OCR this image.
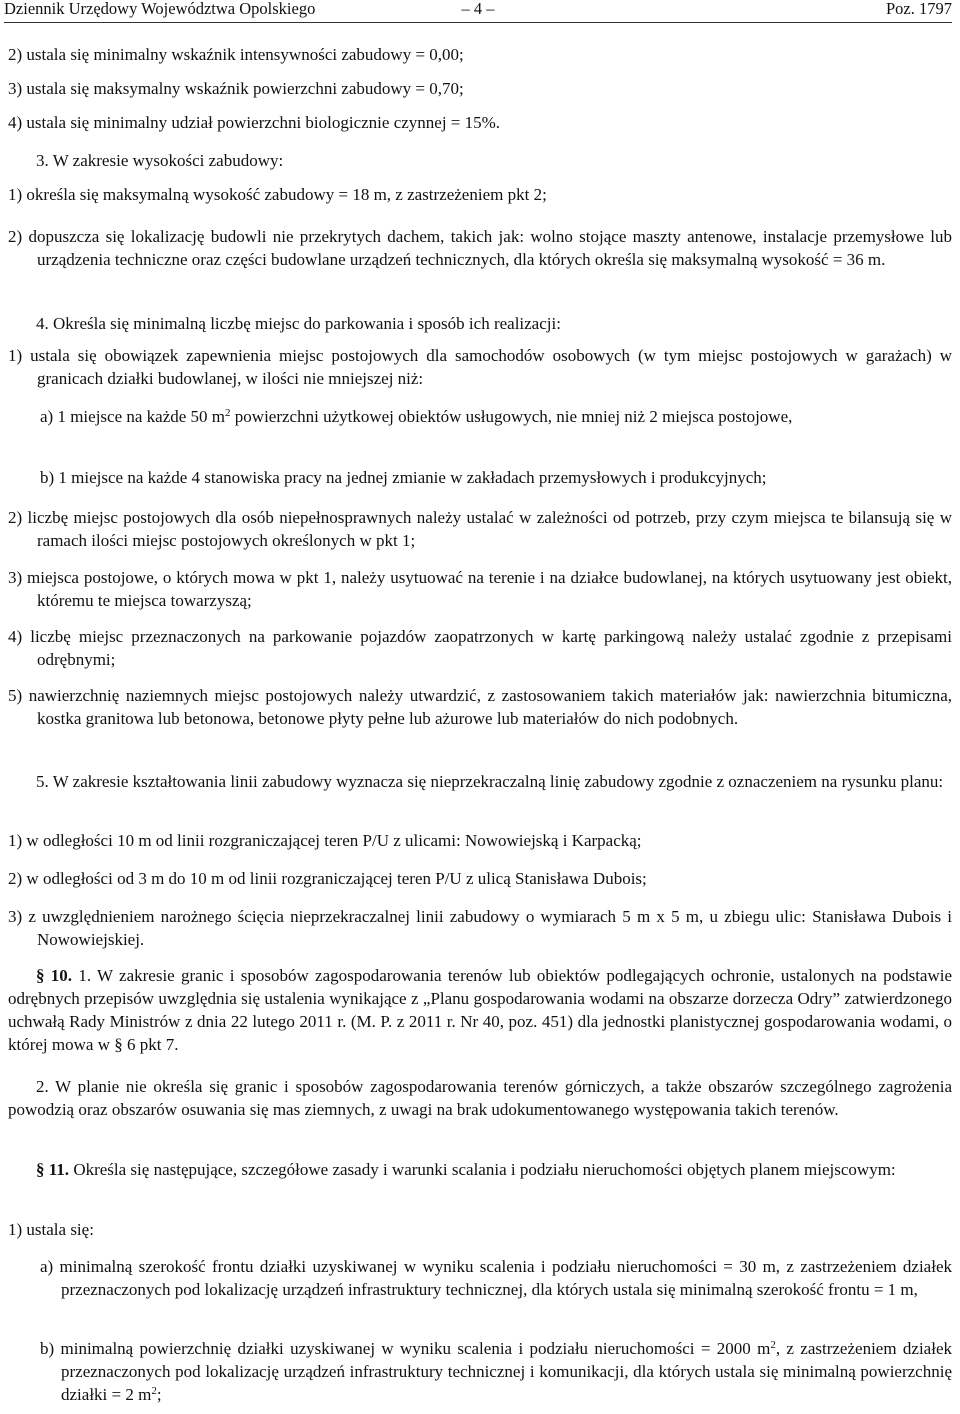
Dziennik Urzędowy Województwa Opolskiego	– 4 –	Poz. 1797
2) ustala się minimalny wskaźnik intensywności zabudowy = 0,00;
3) ustala się maksymalny wskaźnik powierzchni zabudowy = 0,70;
4) ustala się minimalny udział powierzchni biologicznie czynnej = 15%.
3. W zakresie wysokości zabudowy:
1) określa się maksymalną wysokość zabudowy = 18 m, z zastrzeżeniem pkt 2;
2) dopuszcza się lokalizację budowli nie przekrytych dachem, takich jak: wolno stojące maszty antenowe, instalacje przemysłowe lub urządzenia techniczne oraz części budowlane urządzeń technicznych, dla których określa się maksymalną wysokość = 36 m.
4. Określa się minimalną liczbę miejsc do parkowania i sposób ich realizacji:
1) ustala się obowiązek zapewnienia miejsc postojowych dla samochodów osobowych (w tym miejsc postojowych w garażach) w granicach działki budowlanej, w ilości nie mniejszej niż:
a) 1 miejsce na każde 50 $m^2$ powierzchni użytkowej obiektów usługowych, nie mniej niż 2 miejsca postojowe,
b) 1 miejsce na każde 4 stanowiska pracy na jednej zmianie w zakładach przemysłowych i produkcyjnych;
2) liczbę miejsc postojowych dla osób niepełnosprawnych należy ustalać w zależności od potrzeb, przy czym miejsca te bilansują się w ramach ilości miejsc postojowych określonych w pkt 1;
3) miejsca postojowe, o których mowa w pkt 1, należy usytuować na terenie i na działce budowlanej, na których usytuowany jest obiekt, któremu te miejsca towarzyszą;
4) liczbę miejsc przeznaczonych na parkowanie pojazdów zaopatrzonych w kartę parkingową należy ustalać zgodnie z przepisami odrębnymi;
5) nawierzchnię naziemnych miejsc postojowych należy utwardzić, z zastosowaniem takich materiałów jak: nawierzchnia bitumiczna, kostka granitowa lub betonowa, betonowe płyty pełne lub ażurowe lub materiałów do nich podobnych.
5. W zakresie kształtowania linii zabudowy wyznacza się nieprzekraczalną linię zabudowy zgodnie z oznaczeniem na rysunku planu:
1) w odległości 10 m od linii rozgraniczającej teren P/U z ulicami: Nowowiejską i Karpacką;
2) w odległości od 3 m do 10 m od linii rozgraniczającej teren P/U z ulicą Stanisława Dubois;
3) z uwzględnieniem narożnego ścięcia nieprzekraczalnej linii zabudowy o wymiarach 5 m x 5 m, u zbiegu ulic: Stanisława Dubois i Nowowiejskiej.
§ 10. 1. W zakresie granic i sposobów zagospodarowania terenów lub obiektów podlegających ochronie, ustalonych na podstawie odrębnych przepisów uwzględnia się ustalenia wynikające z „Planu gospodarowania wodami na obszarze dorzecza Odry” zatwierdzonego uchwałą Rady Ministrów z dnia 22 lutego 2011 r. (M. P. z 2011 r. Nr 40, poz. 451) dla jednostki planistycznej gospodarowania wodami, o której mowa w § 6 pkt 7.
2. W planie nie określa się granic i sposobów zagospodarowania terenów górniczych, a także obszarów szczególnego zagrożenia powodzią oraz obszarów osuwania się mas ziemnych, z uwagi na brak udokumentowanego występowania takich terenów.
§ 11. Określa się następujące, szczegółowe zasady i warunki scalania i podziału nieruchomości objętych planem miejscowym:
1) ustala się:
a) minimalną szerokość frontu działki uzyskiwanej w wyniku scalenia i podziału nieruchomości = 30 m, z zastrzeżeniem działek przeznaczonych pod lokalizację urządzeń infrastruktury technicznej, dla których ustala się minimalną szerokość frontu = 1 m,
b) minimalną powierzchnię działki uzyskiwanej w wyniku scalenia i podziału nieruchomości = 2000 $m^2$, z zastrzeżeniem działek przeznaczonych pod lokalizację urządzeń infrastruktury technicznej i komunikacji, dla których ustala się minimalną powierzchnię działki = 2 $m^2$;
